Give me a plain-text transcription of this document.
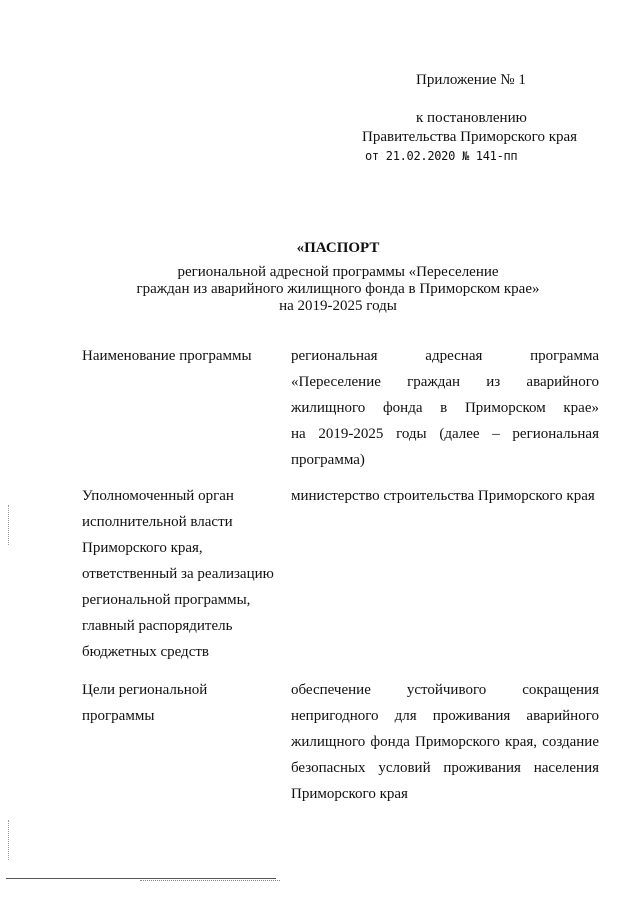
Приложение № 1
к постановлению
Правительства Приморского края
от 21.02.2020 № 141-пп
«ПАСПОРТ
региональной адресной программы «Переселение
граждан из аварийного жилищного фонда в Приморском крае»
на 2019-2025 годы
Наименование программы	региональная адресная программа
«Переселение граждан из аварийного
жилищного фонда в Приморском крае»
на 2019-2025 годы (далее – региональная
программа)
Уполномоченный орган
исполнительной власти
Приморского края,
ответственный за реализацию
региональной программы,
главный распорядитель
бюджетных средств
министерство строительства Приморского края
Цели региональной
программы
обеспечение устойчивого сокращения
непригодного для проживания аварийного
жилищного фонда Приморского края, создание
безопасных условий проживания населения
Приморского края
